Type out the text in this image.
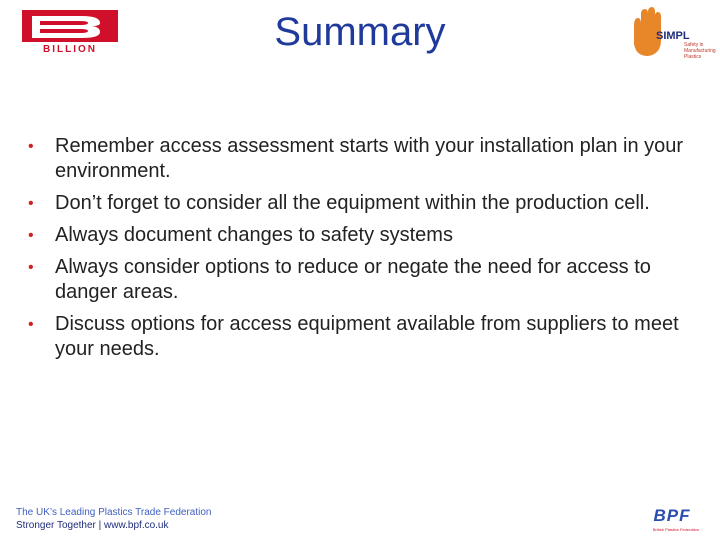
BILLION	Summary	SIMPL
Safety in Manufacturing Plastics
• Remember access assessment starts with your installation plan in your environment.
• Don’t forget to consider all the equipment within the production cell.
• Always document changes to safety systems
• Always consider options to reduce or negate the need for access to danger areas.
• Discuss options for access equipment available from suppliers to meet your needs.
The UK’s Leading Plastics Trade Federation
Stronger Together | www.bpf.co.uk
BPF
British Plastics Federation
